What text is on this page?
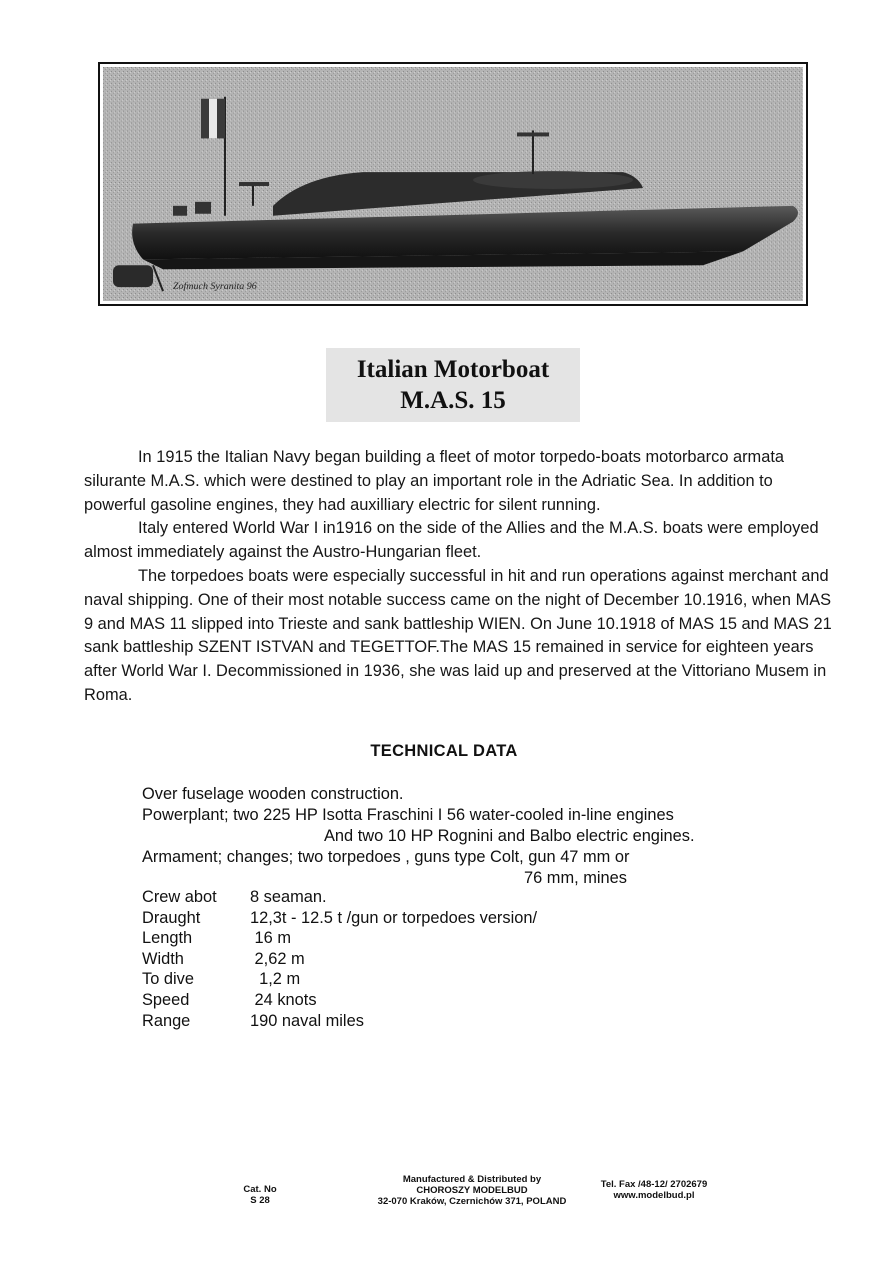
Zofmuch Syranita 96
Italian Motorboat
M.A.S. 15

In 1915 the Italian Navy began building a fleet of motor torpedo-boats motorbarco armata silurante M.A.S. which were destined to play an important role in the Adriatic Sea. In addition to powerful gasoline engines, they had auxilliary electric for silent running.

Italy entered World War I in1916 on the side of the Allies and the M.A.S. boats were employed almost immediately against the Austro-Hungarian fleet.

The torpedoes boats were especially successful in hit and run operations against merchant and naval shipping. One of their most notable success came on the night of December 10.1916, when MAS 9 and MAS 11 slipped into Trieste and sank battleship WIEN. On June 10.1918 of MAS 15 and MAS 21 sank battleship SZENT ISTVAN and TEGETTOF.The MAS 15 remained in service for eighteen years after World War I. Decommissioned in 1936, she was laid up and preserved at the Vittoriano Musem in Roma.

TECHNICAL DATA
Over fuselage wooden construction.
Powerplant; two 225 HP Isotta Fraschini I 56 water-cooled in-line engines
And two 10 HP Rognini and Balbo electric engines.
Armament; changes; two torpedoes , guns type Colt, gun 47 mm or
76 mm, mines
Crew abot	8 seaman.
Draught	12,3t - 12.5 t /gun or torpedoes version/
Length	16 m
Width	2,62 m
To dive	1,2 m
Speed	24 knots
Range	190 naval miles
Cat. No
S 28
Manufactured & Distributed by
CHOROSZY MODELBUD
32-070 Kraków, Czernichów 371, POLAND
Tel. Fax /48-12/ 2702679
www.modelbud.pl
